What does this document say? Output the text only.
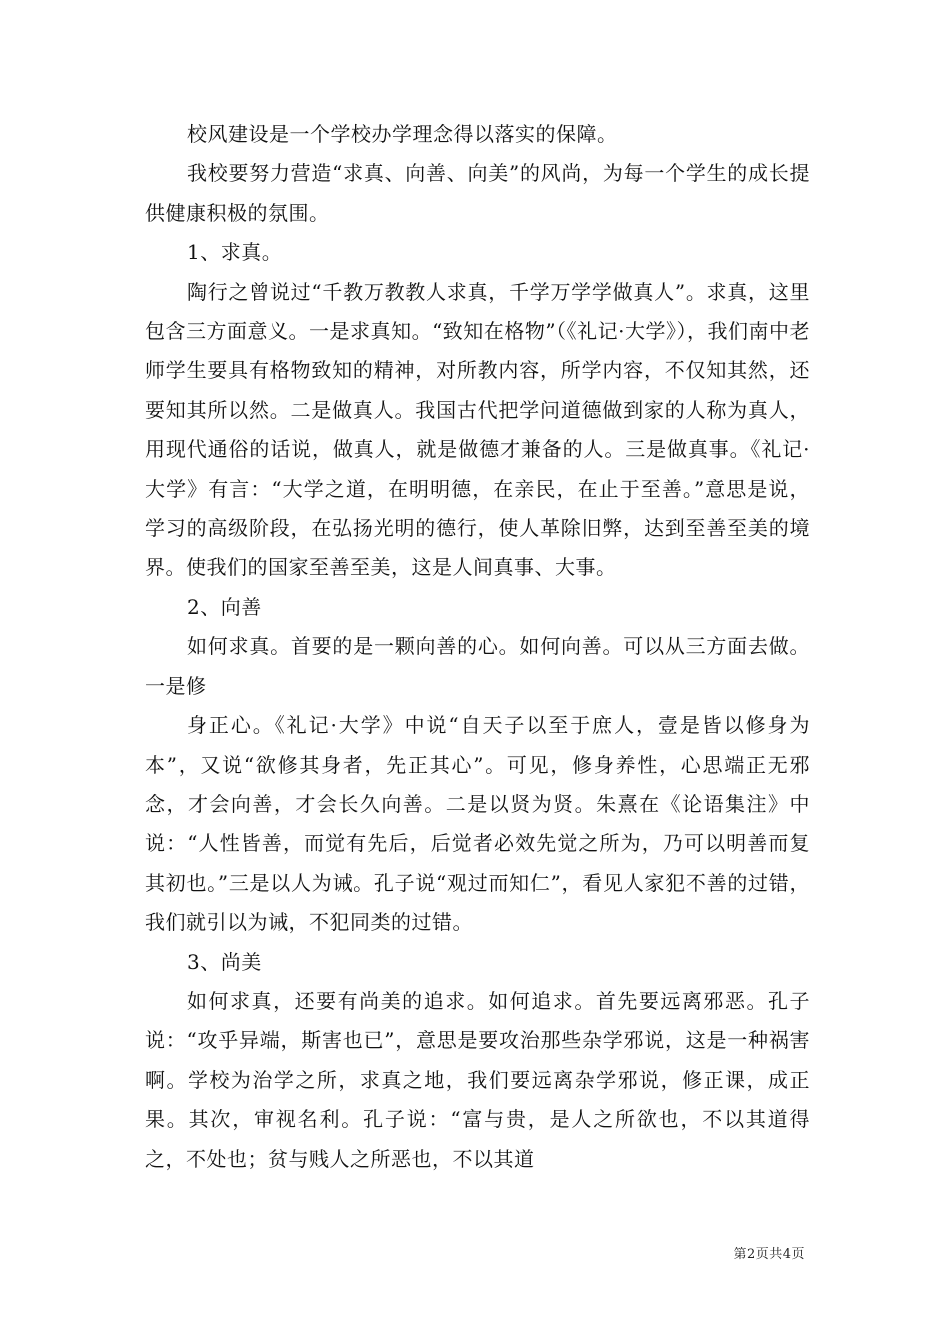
校风建设是一个学校办学理念得以落实的保障。

我校要努力营造“求真、向善、向美”的风尚，为每一个学生的成长提供健康积极的氛围。

1、求真。

陶行之曾说过“千教万教教人求真，千学万学学做真人”。求真，这里包含三方面意义。一是求真知。“致知在格物”（《礼记·大学》），我们南中老师学生要具有格物致知的精神，对所教内容，所学内容，不仅知其然，还要知其所以然。二是做真人。我国古代把学问道德做到家的人称为真人，用现代通俗的话说，做真人，就是做德才兼备的人。三是做真事。《礼记·大学》有言：“大学之道，在明明德，在亲民，在止于至善。”意思是说，学习的高级阶段，在弘扬光明的德行，使人革除旧弊，达到至善至美的境界。使我们的国家至善至美，这是人间真事、大事。

2、向善

如何求真。首要的是一颗向善的心。如何向善。可以从三方面去做。一是修

身正心。《礼记·大学》中说“自天子以至于庶人，壹是皆以修身为本”，又说“欲修其身者，先正其心”。可见，修身养性，心思端正无邪念，才会向善，才会长久向善。二是以贤为贤。朱熹在《论语集注》中说：“人性皆善，而觉有先后，后觉者必效先觉之所为，乃可以明善而复其初也。”三是以人为诫。孔子说“观过而知仁”，看见人家犯不善的过错，我们就引以为诫，不犯同类的过错。

3、尚美

如何求真，还要有尚美的追求。如何追求。首先要远离邪恶。孔子说：“攻乎异端，斯害也已”，意思是要攻治那些杂学邪说，这是一种祸害啊。学校为治学之所，求真之地，我们要远离杂学邪说，修正课，成正果。其次，审视名利。孔子说：“富与贵，是人之所欲也，不以其道得之，不处也；贫与贱人之所恶也，不以其道

第2页共4页
